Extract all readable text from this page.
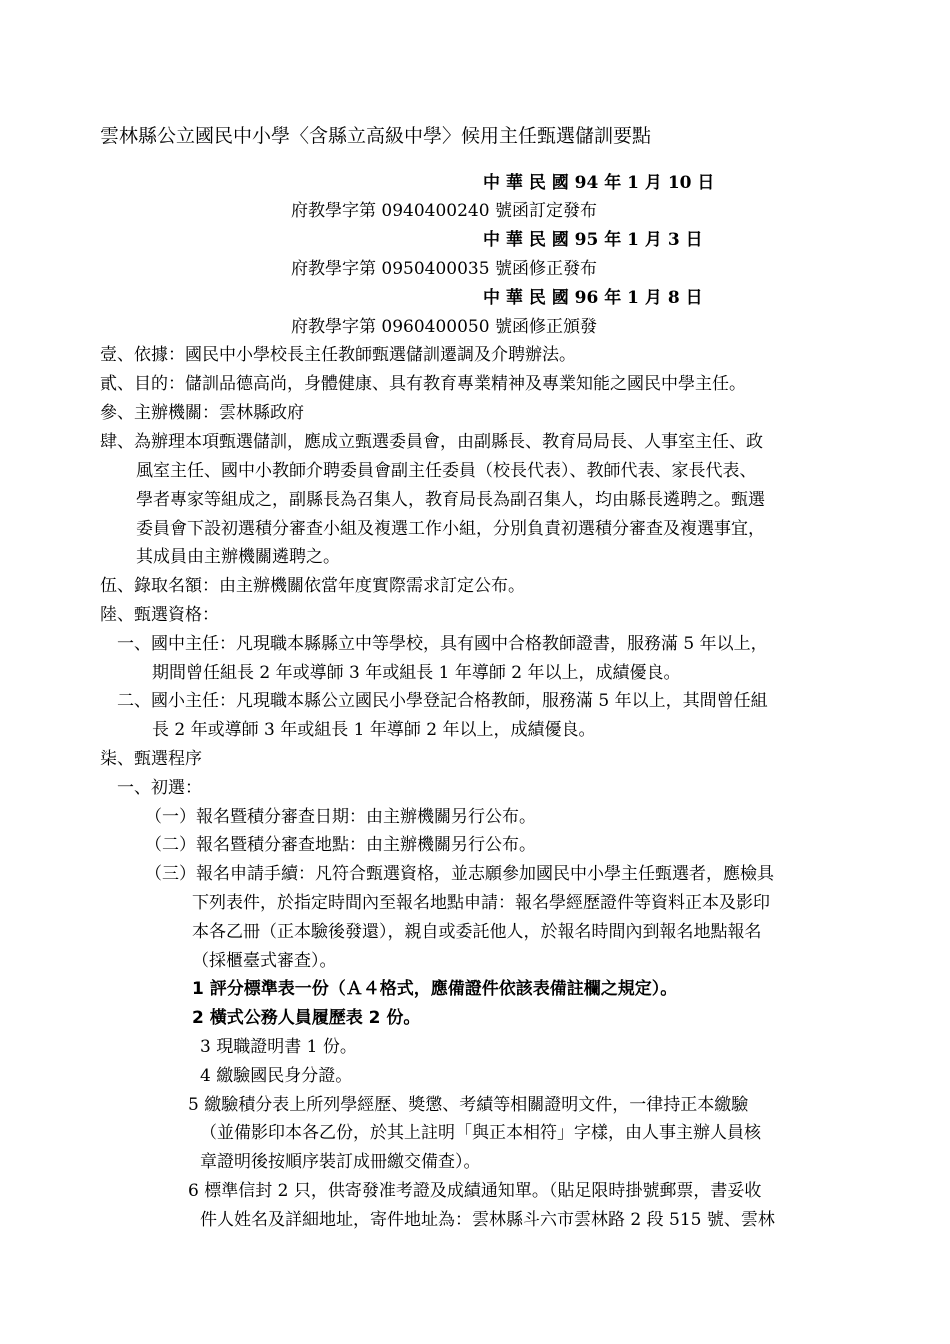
雲林縣公立國民中小學〈含縣立高級中學〉候用主任甄選儲訓要點
中 華 民 國 94 年 1 月 10 日
府教學字第 0940400240 號函訂定發布
中 華 民 國 95 年 1 月 3 日
府教學字第 0950400035 號函修正發布
中 華 民 國 96 年 1 月 8 日
府教學字第 0960400050 號函修正頒發
壹、依據：國民中小學校長主任教師甄選儲訓遷調及介聘辦法。
貳、目的：儲訓品德高尚，身體健康、具有教育專業精神及專業知能之國民中學主任。
參、主辦機關：雲林縣政府
肆、為辦理本項甄選儲訓，應成立甄選委員會，由副縣長、教育局局長、人事室主任、政
風室主任、國中小教師介聘委員會副主任委員（校長代表）、教師代表、家長代表、
學者專家等組成之，副縣長為召集人，教育局長為副召集人，均由縣長遴聘之。甄選
委員會下設初選積分審查小組及複選工作小組，分別負責初選積分審查及複選事宜，
其成員由主辦機關遴聘之。
伍、錄取名額：由主辦機關依當年度實際需求訂定公布。
陸、甄選資格：
一、國中主任：凡現職本縣縣立中等學校，具有國中合格教師證書，服務滿 5 年以上，
期間曾任組長 2 年或導師 3 年或組長 1 年導師 2 年以上，成績優良。
二、國小主任：凡現職本縣公立國民小學登記合格教師，服務滿 5 年以上，其間曾任組
長 2 年或導師 3 年或組長 1 年導師 2 年以上，成績優良。
柒、甄選程序
一、初選：
（一）報名暨積分審查日期：由主辦機關另行公布。
（二）報名暨積分審查地點：由主辦機關另行公布。
（三）報名申請手續：凡符合甄選資格，並志願參加國民中小學主任甄選者，應檢具
下列表件，於指定時間內至報名地點申請：報名學經歷證件等資料正本及影印
本各乙冊（正本驗後發還），親自或委託他人，於報名時間內到報名地點報名
（採櫃臺式審查）。
1 評分標準表一份（Ａ４格式，應備證件依該表備註欄之規定）。
2 橫式公務人員履歷表 2 份。
3 現職證明書 1 份。
4 繳驗國民身分證。
5 繳驗積分表上所列學經歷、獎懲、考績等相關證明文件，一律持正本繳驗
（並備影印本各乙份，於其上註明「與正本相符」字樣，由人事主辦人員核
章證明後按順序裝訂成冊繳交備查）。
6 標準信封 2 只，供寄發准考證及成績通知單。（貼足限時掛號郵票，書妥收
件人姓名及詳細地址，寄件地址為：雲林縣斗六市雲林路 2 段 515 號、雲林
